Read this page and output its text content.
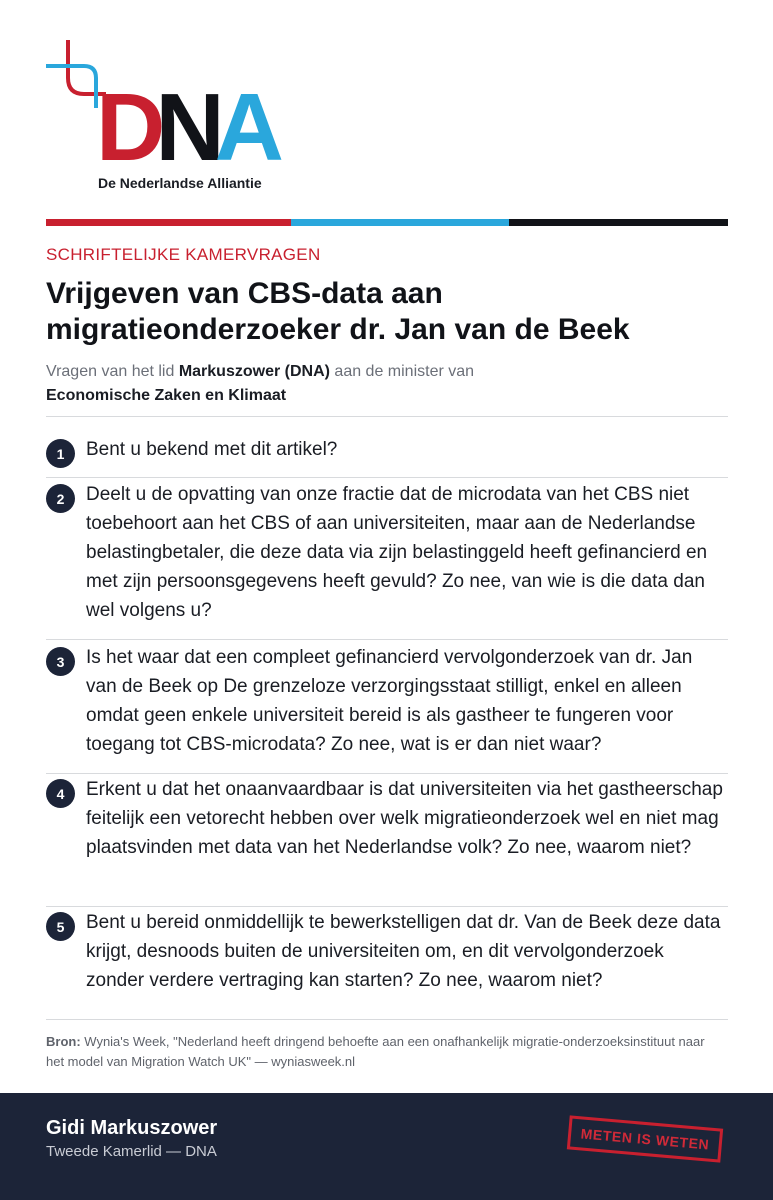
D N A
De Nederlandse Alliantie
SCHRIFTELIJKE KAMERVRAGEN
Vrijgeven van CBS-data aan
migratieonderzoeker dr. Jan van de Beek
Vragen van het lid Markuszower (DNA) aan de minister van
Economische Zaken en Klimaat
1	Bent u bekend met dit artikel?
2	Deelt u de opvatting van onze fractie dat de microdata van het CBS niet toebehoort aan het CBS of aan universiteiten, maar aan de Nederlandse belastingbetaler, die deze data via zijn belastinggeld heeft gefinancierd en met zijn persoonsgegevens heeft gevuld? Zo nee, van wie is die data dan wel volgens u?
3	Is het waar dat een compleet gefinancierd vervolgonderzoek van dr. Jan van de Beek op De grenzeloze verzorgingsstaat stilligt, enkel en alleen omdat geen enkele universiteit bereid is als gastheer te fungeren voor toegang tot CBS-microdata? Zo nee, wat is er dan niet waar?
4	Erkent u dat het onaanvaardbaar is dat universiteiten via het gastheerschap feitelijk een vetorecht hebben over welk migratieonderzoek wel en niet mag plaatsvinden met data van het Nederlandse volk? Zo nee, waarom niet?
5	Bent u bereid onmiddellijk te bewerkstelligen dat dr. Van de Beek deze data krijgt, desnoods buiten de universiteiten om, en dit vervolgonderzoek zonder verdere vertraging kan starten? Zo nee, waarom niet?
Bron: Wynia's Week, "Nederland heeft dringend behoefte aan een onafhankelijk migratie-onderzoeksinstituut naar het model van Migration Watch UK" — wyniasweek.nl
Gidi Markuszower
Tweede Kamerlid — DNA	METEN IS WETEN
